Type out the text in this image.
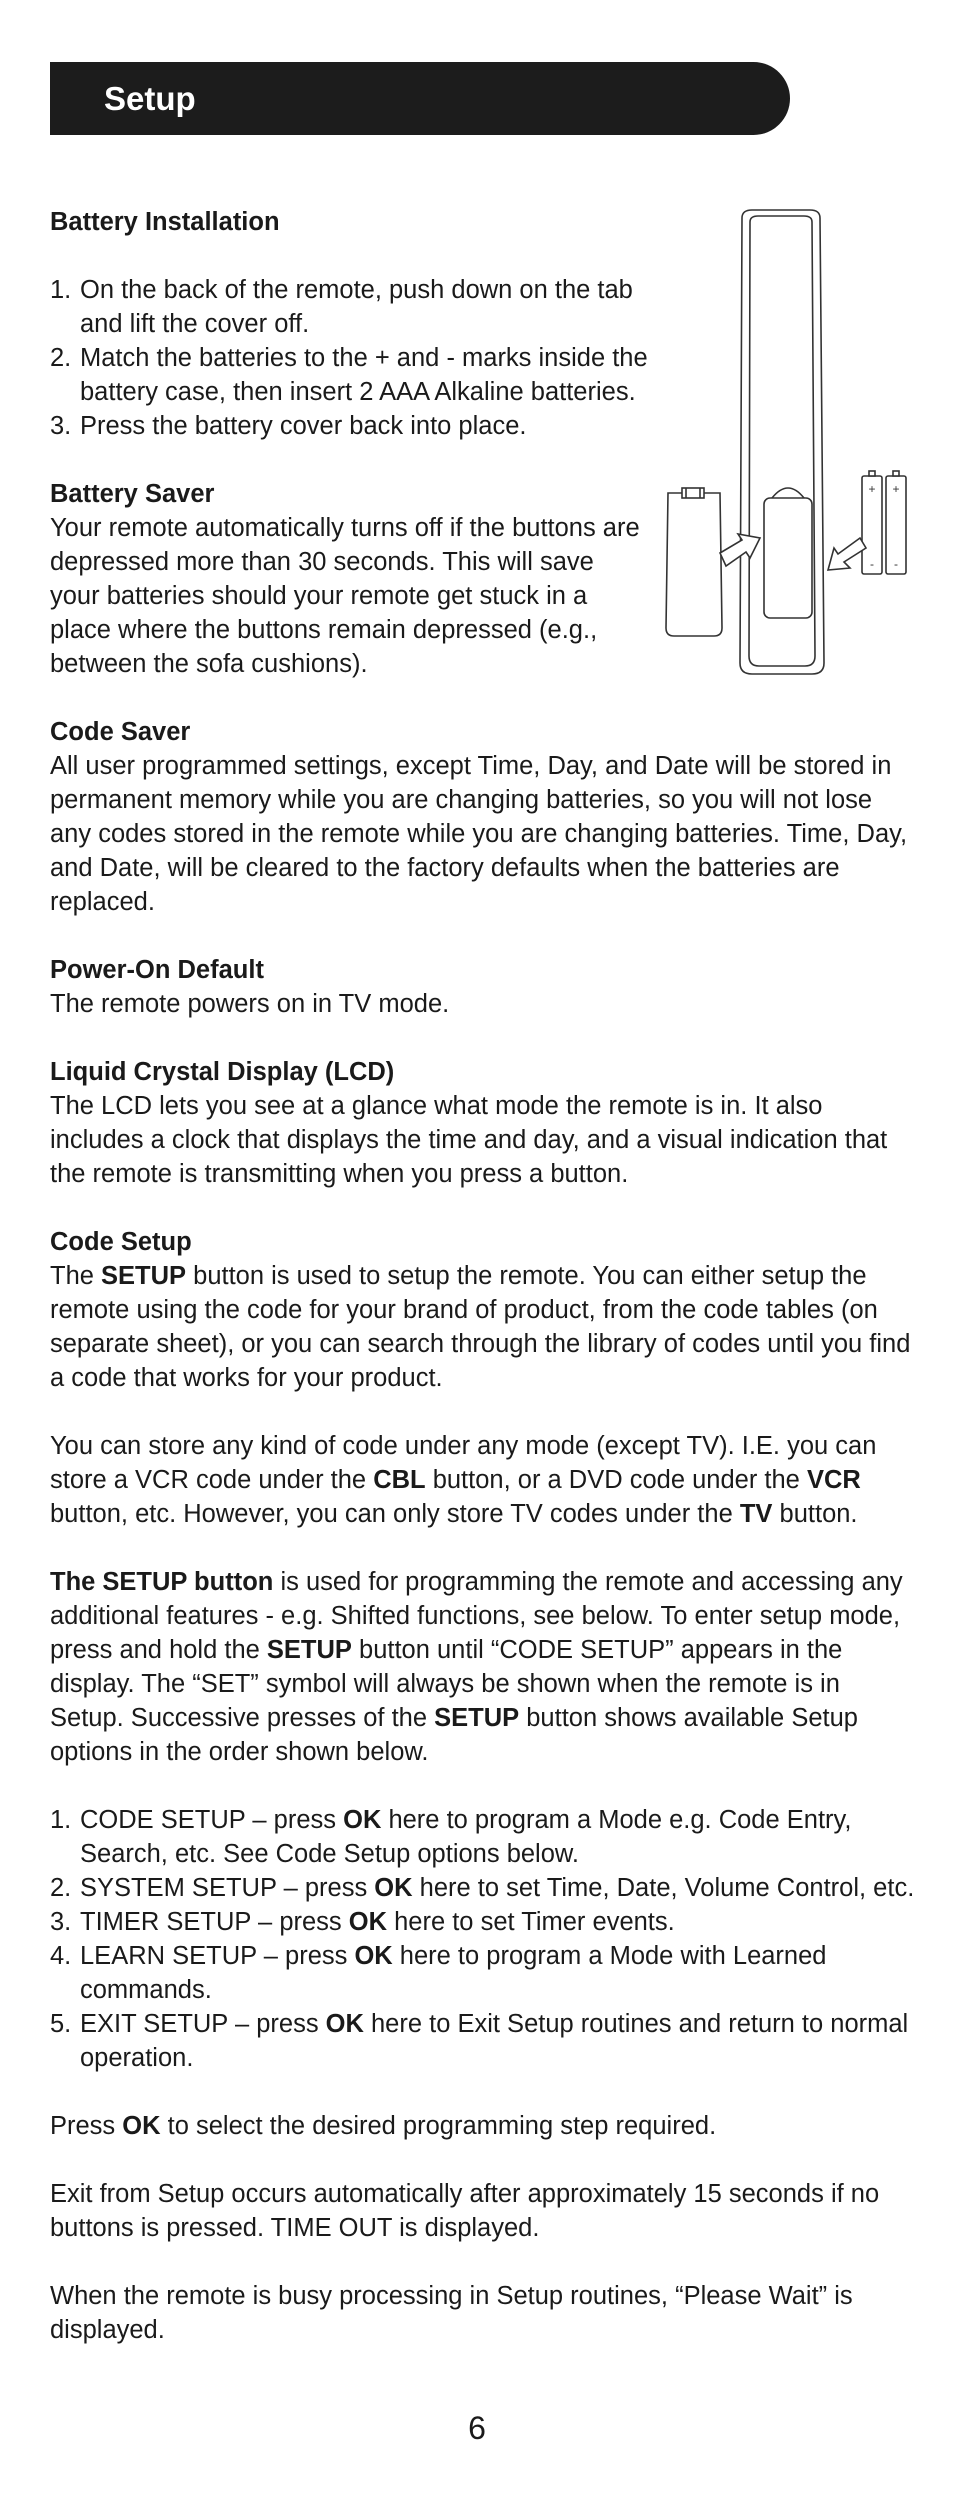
Setup
+
-
+
-
Battery Installation
1. On the back of the remote, push down on the tab and lift the cover off.
2. Match the batteries to the + and - marks inside the battery case, then insert 2 AAA Alkaline batteries.
3. Press the battery cover back into place.
Battery Saver

Your remote automatically turns off if the buttons are depressed more than 30 seconds. This will save your batteries should your remote get stuck in a place where the buttons remain depressed (e.g., between the sofa cushions).

Code Saver

All user programmed settings, except Time, Day, and Date will be stored in permanent memory while you are changing batteries, so you will not lose any codes stored in the remote while you are changing batteries. Time, Day, and Date, will be cleared to the factory defaults when the batteries are replaced.

Power-On Default

The remote powers on in TV mode.

Liquid Crystal Display (LCD)

The LCD lets you see at a glance what mode the remote is in. It also includes a clock that displays the time and day, and a visual indication that the remote is transmitting when you press a button.

Code Setup

The SETUP button is used to setup the remote. You can either setup the remote using the code for your brand of product, from the code tables (on separate sheet), or you can search through the library of codes until you find a code that works for your product.

You can store any kind of code under any mode (except TV). I.E. you can store a VCR code under the CBL button, or a DVD code under the VCR button, etc. However, you can only store TV codes under the TV button.

The SETUP button is used for programming the remote and accessing any additional features - e.g. Shifted functions, see below. To enter setup mode, press and hold the SETUP button until “CODE SETUP” appears in the display. The “SET” symbol will always be shown when the remote is in Setup. Successive presses of the SETUP button shows available Setup options in the order shown below.

1. CODE SETUP – press OK here to program a Mode e.g. Code Entry, Search, etc. See Code Setup options below.
2. SYSTEM SETUP – press OK here to set Time, Date, Volume Control, etc.
3. TIMER SETUP – press OK here to set Timer events.
4. LEARN SETUP – press OK here to program a Mode with Learned commands.
5. EXIT SETUP – press OK here to Exit Setup routines and return to normal operation.

Press OK to select the desired programming step required.

Exit from Setup occurs automatically after approximately 15 seconds if no buttons is pressed. TIME OUT is displayed.

When the remote is busy processing in Setup routines, “Please Wait” is displayed.

6
